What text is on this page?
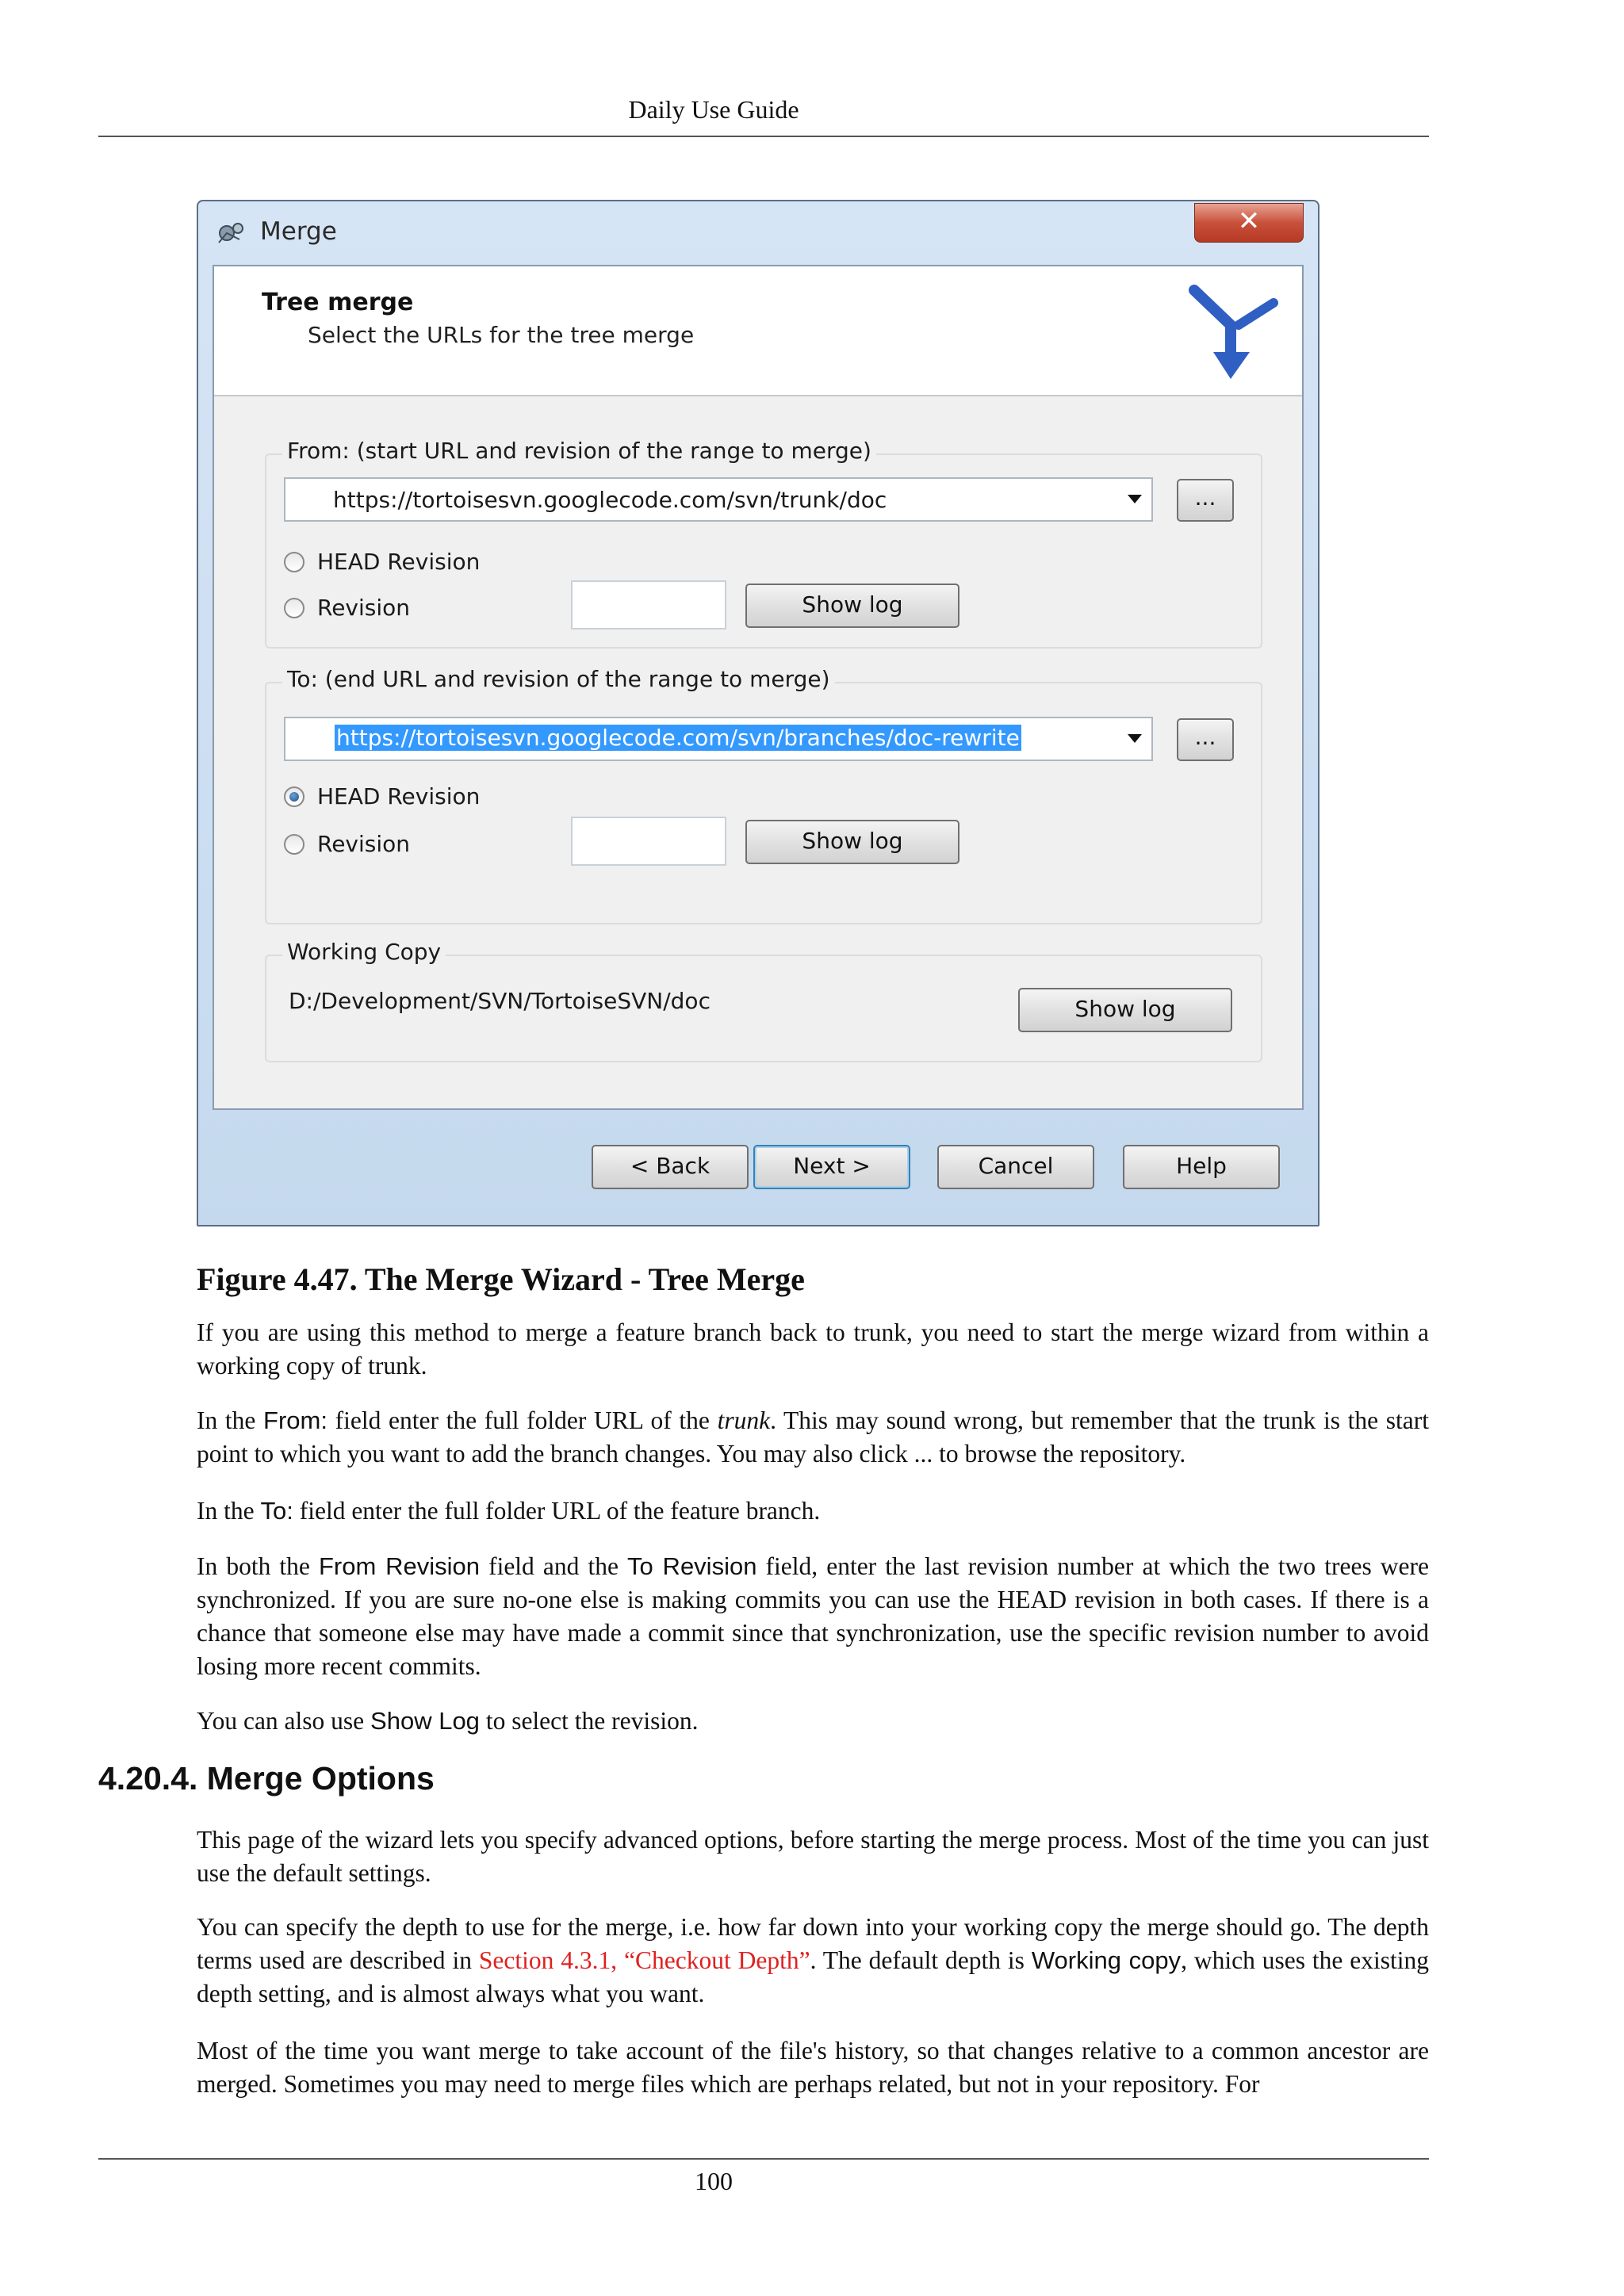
Daily Use Guide
Merge	✕
Tree merge
Select the URLs for the tree merge
From: (start URL and revision of the range to merge)
https://tortoisesvn.googlecode.com/svn/trunk/doc	...
HEAD Revision
Revision	Show log
To: (end URL and revision of the range to merge)
https://tortoisesvn.googlecode.com/svn/branches/doc-rewrite	...
HEAD Revision
Revision	Show log
Working Copy
D:/Development/SVN/TortoiseSVN/doc	Show log
< Back	Next >	Cancel	Help
Figure 4.47. The Merge Wizard - Tree Merge
If you are using this method to merge a feature branch back to trunk, you need to start the merge wizard from within a working copy of trunk.
In the From: field enter the full folder URL of the trunk. This may sound wrong, but remember that the trunk is the start point to which you want to add the branch changes. You may also click ... to browse the repository.
In the To: field enter the full folder URL of the feature branch.
In both the From Revision field and the To Revision field, enter the last revision number at which the two trees were synchronized. If you are sure no-one else is making commits you can use the HEAD revision in both cases. If there is a chance that someone else may have made a commit since that synchronization, use the specific revision number to avoid losing more recent commits.
You can also use Show Log to select the revision.
4.20.4. Merge Options
This page of the wizard lets you specify advanced options, before starting the merge process. Most of the time you can just use the default settings.
You can specify the depth to use for the merge, i.e. how far down into your working copy the merge should go. The depth terms used are described in Section 4.3.1, “Checkout Depth”. The default depth is Working copy, which uses the existing depth setting, and is almost always what you want.
Most of the time you want merge to take account of the file's history, so that changes relative to a common ancestor are merged. Sometimes you may need to merge files which are perhaps related, but not in your repository. For
100
